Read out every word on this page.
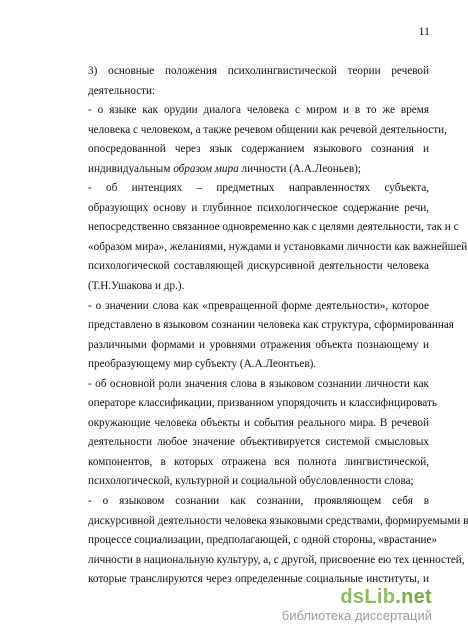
11
3) основные положения психолингвистической теории речевой
деятельности:
- о языке как орудии диалога человека с миром и в то же время
человека с человеком, а также речевом общении как речевой деятельности,
опосредованной через язык содержанием языкового сознания и
индивидуальным образом мира личности (А.А.Леоньев);
- об интенциях – предметных направленностях субъекта,
образующих основу и глубинное психологическое содержание речи,
непосредственно связанное одновременно как с целями деятельности, так и с
«образом мира», желаниями, нуждами и установками личности как важнейшей
психологической составляющей дискурсивной деятельности человека
(Т.Н.Ушакова и др.).
- о значении слова как «превращенной форме деятельности», которое
представлено в языковом сознании человека как структура, сформированная
различными формами и уровнями отражения объекта познающему и
преобразующему мир субъекту (А.А.Леонтьев).
- об основной роли значения слова в языковом сознании личности как
операторе классификации, призванном упорядочить и классифицировать
окружающие человека объекты и события реального мира. В речевой
деятельности любое значение объективируется системой смысловых
компонентов, в которых отражена вся полнота лингвистической,
психологической, культурной и социальной обусловленности слова;
- о языковом сознании как сознании, проявляющем себя в
дискурсивной деятельности человека языковыми средствами, формируемыми в
процессе социализации, предполагающей, с одной стороны, «врастание»
личности в национальную культуру, а, с другой, присвоение ею тех ценностей,
которые транслируются через определенные социальные институты, и
dsLib.net
библиотека диссертаций
